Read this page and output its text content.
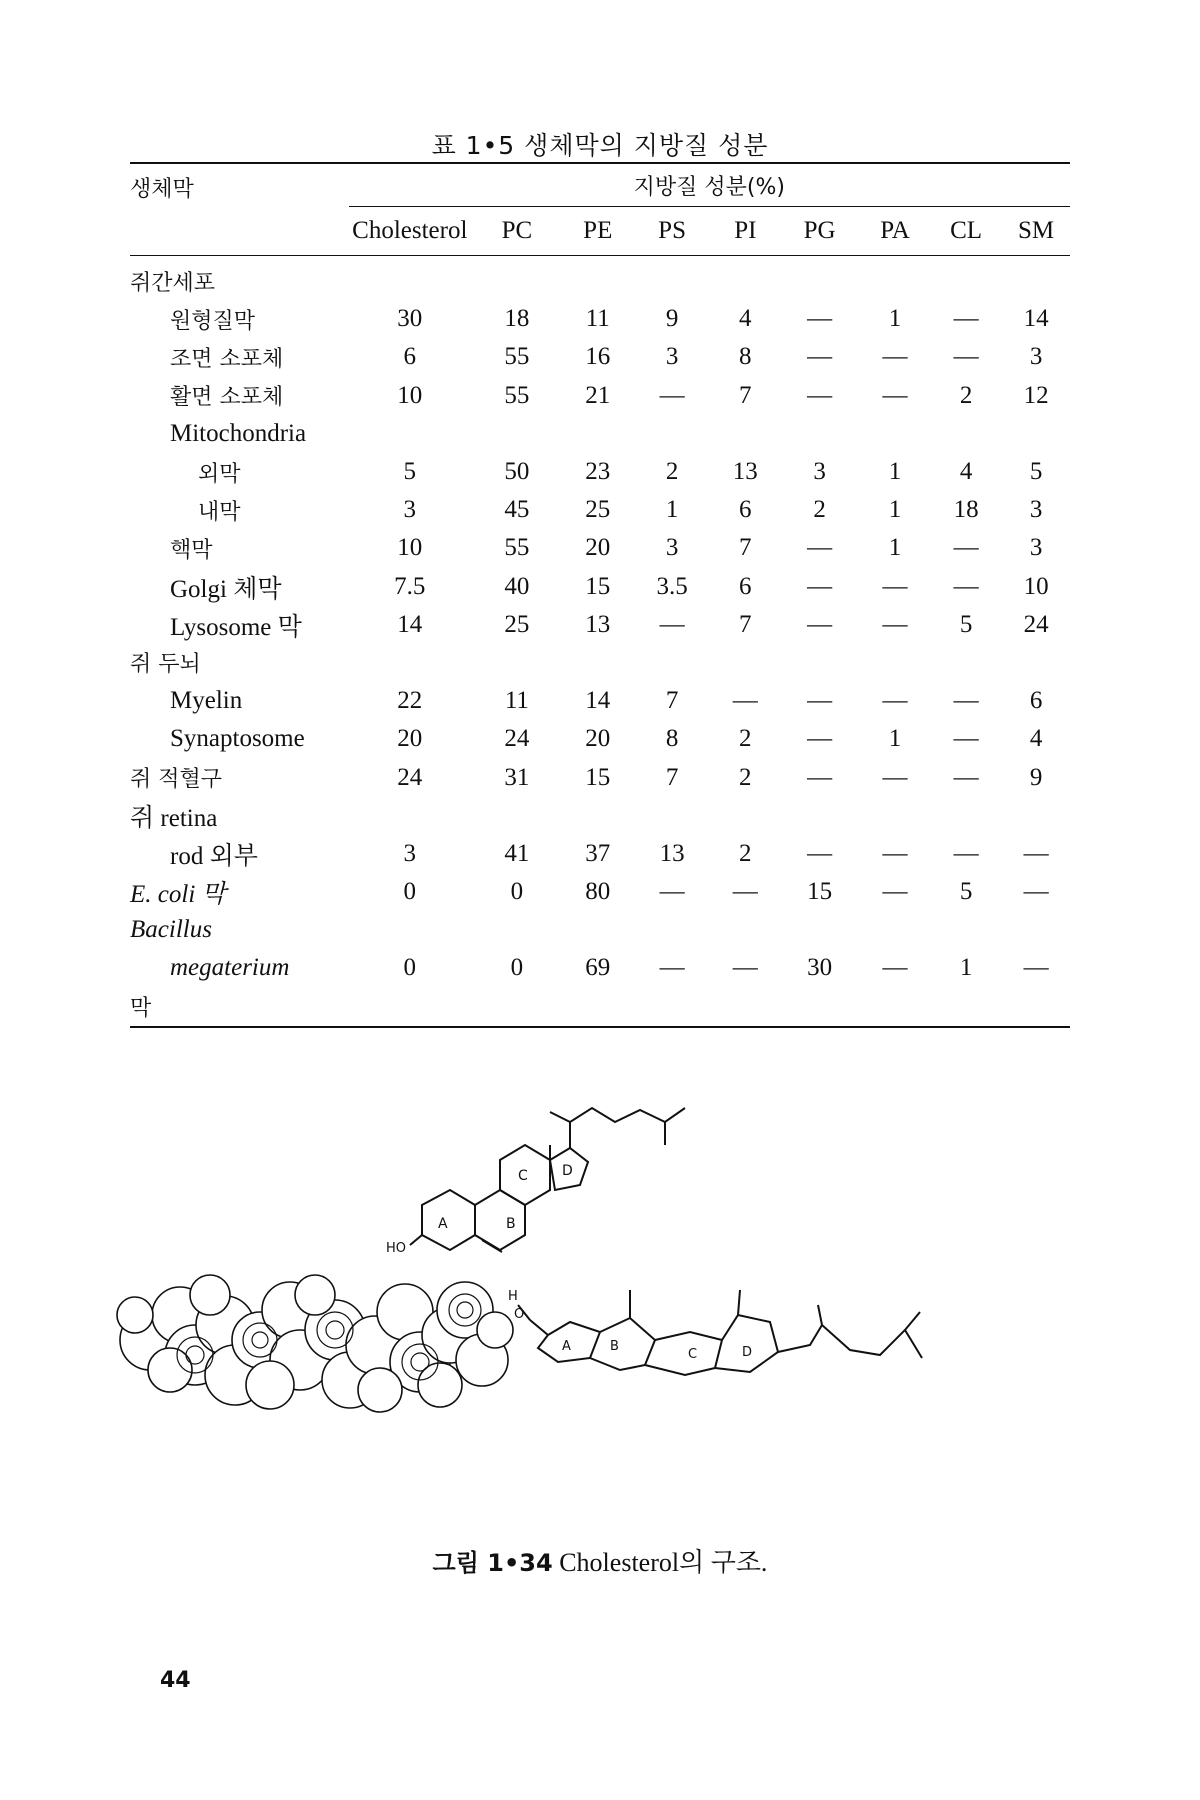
표 1•5 생체막의 지방질 성분
생체막	지방질 성분(%)								
	Cholesterol	PC	PE	PS	PI	PG	PA	CL	SM
쥐간세포									
원형질막	30	18	11	9	4	—	1	—	14
조면 소포체	6	55	16	3	8	—	—	—	3
활면 소포체	10	55	21	—	7	—	—	2	12
Mitochondria									
외막	5	50	23	2	13	3	1	4	5
내막	3	45	25	1	6	2	1	18	3
핵막	10	55	20	3	7	—	1	—	3
Golgi 체막	7.5	40	15	3.5	6	—	—	—	10
Lysosome 막	14	25	13	—	7	—	—	5	24
쥐 두뇌									
Myelin	22	11	14	7	—	—	—	—	6
Synaptosome	20	24	20	8	2	—	1	—	4
쥐 적혈구	24	31	15	7	2	—	—	—	9
쥐 retina									
rod 외부	3	41	37	13	2	—	—	—	—
E. coli 막	0	0	80	—	—	15	—	5	—
Bacillus									
megaterium	0	0	69	—	—	30	—	1	—
막									
A	B
C D
HO
H
O
A	B
C	D
그림 1•34 Cholesterol의 구조.
44
